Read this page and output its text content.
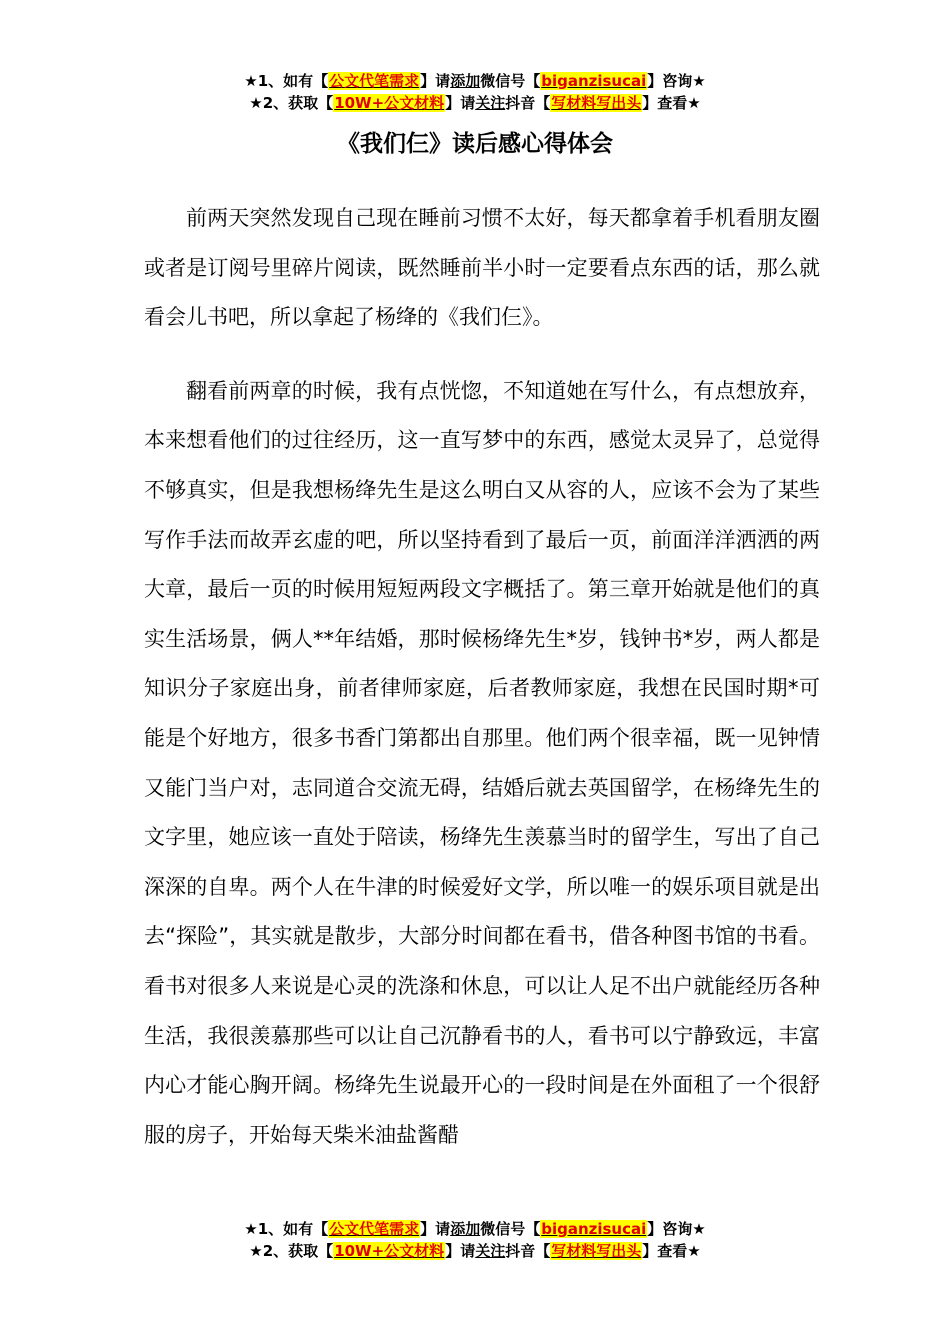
★1、如有【公文代笔需求】请添加微信号【biganzisucai】咨询★
★2、获取【10W+公文材料】请关注抖音【写材料写出头】查看★
《我们仨》读后感心得体会

前两天突然发现自己现在睡前习惯不太好，每天都拿着手机看朋友圈或者是订阅号里碎片阅读，既然睡前半小时一定要看点东西的话，那么就看会儿书吧，所以拿起了杨绛的《我们仨》。

翻看前两章的时候，我有点恍惚，不知道她在写什么，有点想放弃，本来想看他们的过往经历，这一直写梦中的东西，感觉太灵异了，总觉得不够真实，但是我想杨绛先生是这么明白又从容的人，应该不会为了某些写作手法而故弄玄虚的吧，所以坚持看到了最后一页，前面洋洋洒洒的两大章，最后一页的时候用短短两段文字概括了。第三章开始就是他们的真实生活场景，俩人**年结婚，那时候杨绛先生*岁，钱钟书*岁，两人都是知识分子家庭出身，前者律师家庭，后者教师家庭，我想在民国时期*可能是个好地方，很多书香门第都出自那里。他们两个很幸福，既一见钟情又能门当户对，志同道合交流无碍，结婚后就去英国留学，在杨绛先生的文字里，她应该一直处于陪读，杨绛先生羡慕当时的留学生，写出了自己深深的自卑。两个人在牛津的时候爱好文学，所以唯一的娱乐项目就是出去“探险”，其实就是散步，大部分时间都在看书，借各种图书馆的书看。看书对很多人来说是心灵的洗涤和休息，可以让人足不出户就能经历各种生活，我很羡慕那些可以让自己沉静看书的人，看书可以宁静致远，丰富内心才能心胸开阔。杨绛先生说最开心的一段时间是在外面租了一个很舒服的房子，开始每天柴米油盐酱醋

★1、如有【公文代笔需求】请添加微信号【biganzisucai】咨询★
★2、获取【10W+公文材料】请关注抖音【写材料写出头】查看★
